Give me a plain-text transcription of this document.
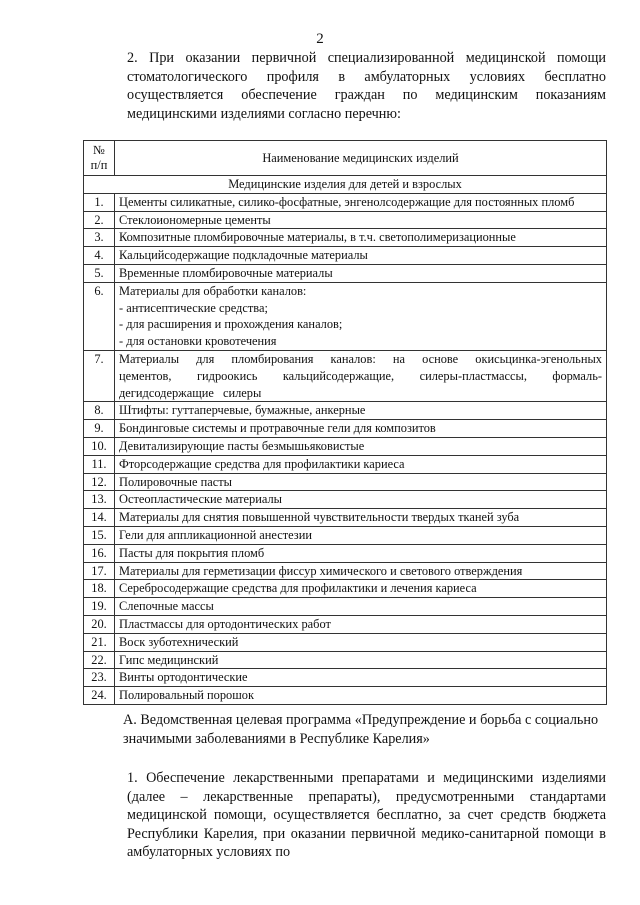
2
2. При оказании первичной специализированной медицинской помощи стоматологического профиля в амбулаторных условиях бесплатно осуществляется обеспечение граждан по медицинским показаниям медицинскими изделиями согласно перечню:
№
п/п	Наименование медицинских изделий
Медицинские изделия для детей и взрослых	
1.	Цементы силикатные, силико-фосфатные, энгенолсодержащие для постоянных пломб

2.	Стеклоиономерные цементы

3.	Композитные пломбировочные материалы, в т.ч. светополимеризационные

4.	Кальцийсодержащие подкладочные материалы

5.	Временные пломбировочные материалы

6.	Материалы для обработки каналов:
- антисептические средства;
- для расширения и прохождения каналов;
- для остановки кровотечения

7.	Материалы для пломбирования каналов: на основе окисьцинка-эгенольных цементов, гидроокись кальцийсодержащие, силеры-пластмассы, формаль-дегидсодержащие силеры

8.	Штифты: гуттаперчевые, бумажные, анкерные

9.	Бондинговые системы и протравочные гели для композитов

10.	Девитализирующие пасты безмышьяковистые

11.	Фторсодержащие средства для профилактики кариеса

12.	Полировочные пасты

13.	Остеопластические материалы

14.	Материалы для снятия повышенной чувствительности твердых тканей зуба

15.	Гели для аппликационной анестезии

16.	Пасты для покрытия пломб

17.	Материалы для герметизации фиссур химического и светового отверждения

18.	Серебросодержащие средства для профилактики и лечения кариеса

19.	Слепочные массы

20.	Пластмассы для ортодонтических работ

21.	Воск зуботехнический

22.	Гипс медицинский

23.	Винты ортодонтические

24.	Полировальный порошок
А. Ведомственная целевая программа «Предупреждение и борьба с социально значимыми заболеваниями в Республике Карелия»
1. Обеспечение лекарственными препаратами и медицинскими изделиями (далее – лекарственные препараты), предусмотренными стандартами медицинской помощи, осуществляется бесплатно, за счет средств бюджета Республики Карелия, при оказании первичной медико-санитарной помощи в амбулаторных условиях по
